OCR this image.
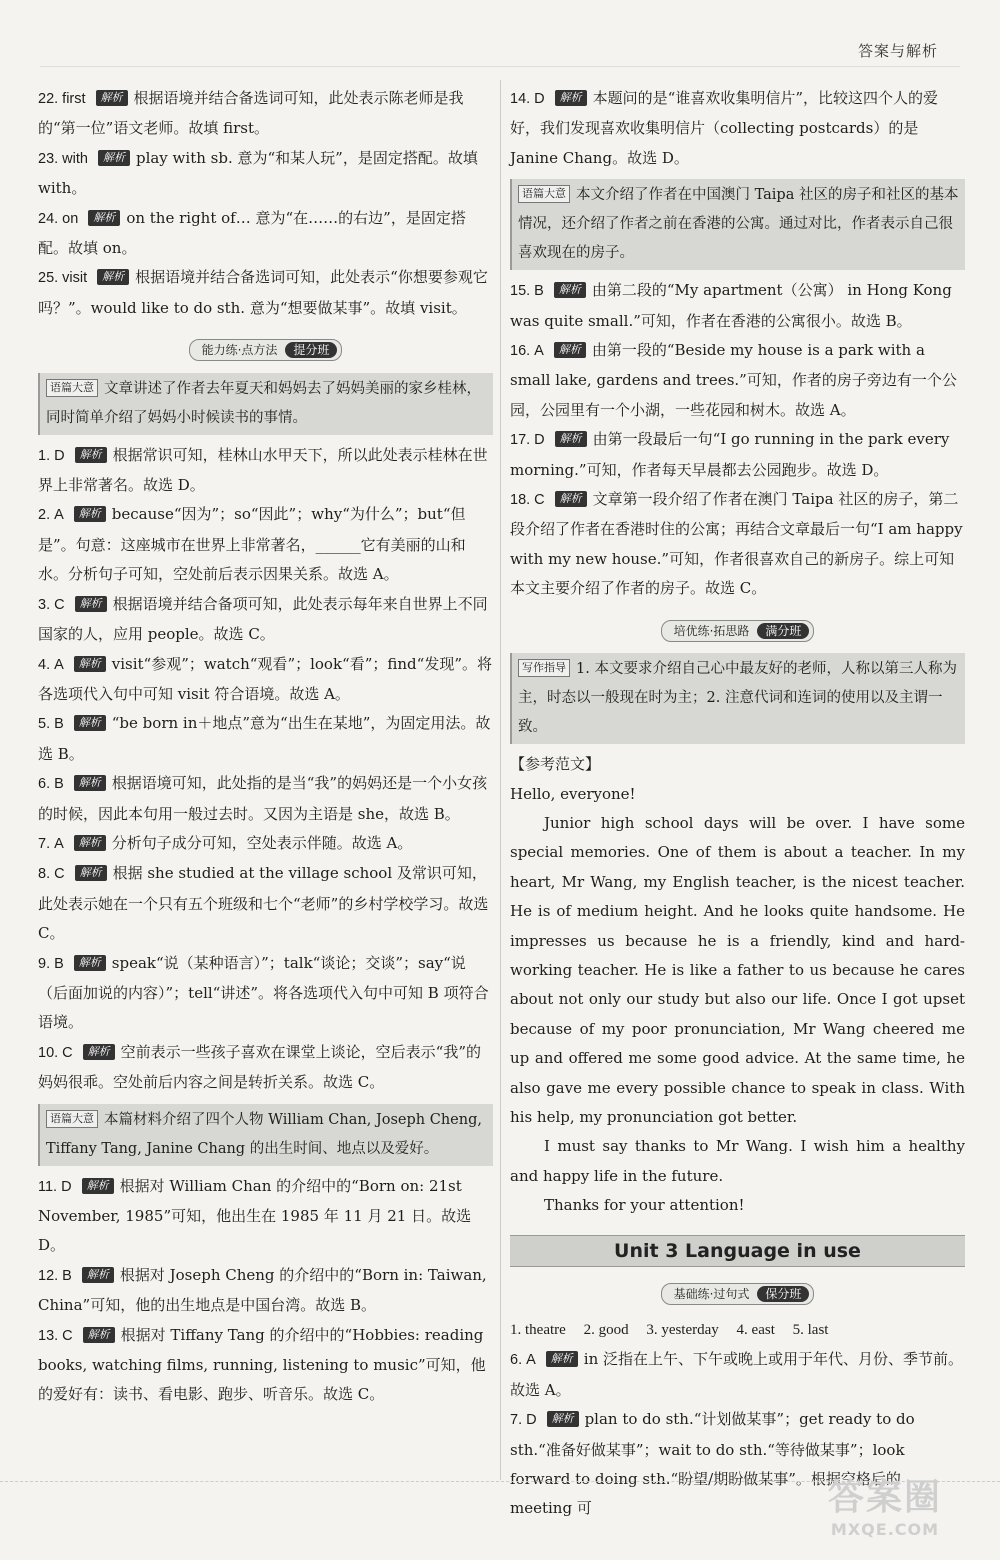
答案与解析

22. first 解析 根据语境并结合备选词可知，此处表示陈老师是我的“第一位”语文老师。故填 first。

23. with 解析 play with sb. 意为“和某人玩”，是固定搭配。故填 with。

24. on 解析 on the right of… 意为“在……的右边”，是固定搭配。故填 on。

25. visit 解析 根据语境并结合备选词可知，此处表示“你想要参观它吗？”。would like to do sth. 意为“想要做某事”。故填 visit。

能力练·点方法 提分班
语篇大意 文章讲述了作者去年夏天和妈妈去了妈妈美丽的家乡桂林，同时简单介绍了妈妈小时候读书的事情。

1. D 解析 根据常识可知，桂林山水甲天下，所以此处表示桂林在世界上非常著名。故选 D。

2. A 解析 because“因为”；so“因此”；why“为什么”；but“但是”。句意：这座城市在世界上非常著名，______它有美丽的山和水。分析句子可知，空处前后表示因果关系。故选 A。

3. C 解析 根据语境并结合备项可知，此处表示每年来自世界上不同国家的人，应用 people。故选 C。

4. A 解析 visit“参观”；watch“观看”；look“看”；find“发现”。将各选项代入句中可知 visit 符合语境。故选 A。

5. B 解析 “be born in＋地点”意为“出生在某地”，为固定用法。故选 B。

6. B 解析 根据语境可知，此处指的是当“我”的妈妈还是一个小女孩的时候，因此本句用一般过去时。又因为主语是 she，故选 B。

7. A 解析 分析句子成分可知，空处表示伴随。故选 A。

8. C 解析 根据 she studied at the village school 及常识可知，此处表示她在一个只有五个班级和七个“老师”的乡村学校学习。故选 C。

9. B 解析 speak“说（某种语言）”；talk“谈论；交谈”；say“说（后面加说的内容）”；tell“讲述”。将各选项代入句中可知 B 项符合语境。

10. C 解析 空前表示一些孩子喜欢在课堂上谈论，空后表示“我”的妈妈很乖。空处前后内容之间是转折关系。故选 C。

语篇大意 本篇材料介绍了四个人物 William Chan, Joseph Cheng, Tiffany Tang, Janine Chang 的出生时间、地点以及爱好。

11. D 解析 根据对 William Chan 的介绍中的“Born on: 21st November, 1985”可知，他出生在 1985 年 11 月 21 日。故选 D。

12. B 解析 根据对 Joseph Cheng 的介绍中的“Born in: Taiwan, China”可知，他的出生地点是中国台湾。故选 B。

13. C 解析 根据对 Tiffany Tang 的介绍中的“Hobbies: reading books, watching films, running, listening to music”可知，他的爱好有：读书、看电影、跑步、听音乐。故选 C。

14. D 解析 本题问的是“谁喜欢收集明信片”，比较这四个人的爱好，我们发现喜欢收集明信片（collecting postcards）的是 Janine Chang。故选 D。

语篇大意 本文介绍了作者在中国澳门 Taipa 社区的房子和社区的基本情况，还介绍了作者之前在香港的公寓。通过对比，作者表示自己很喜欢现在的房子。

15. B 解析 由第二段的“My apartment（公寓） in Hong Kong was quite small.”可知，作者在香港的公寓很小。故选 B。

16. A 解析 由第一段的“Beside my house is a park with a small lake, gardens and trees.”可知，作者的房子旁边有一个公园，公园里有一个小湖，一些花园和树木。故选 A。

17. D 解析 由第一段最后一句“I go running in the park every morning.”可知，作者每天早晨都去公园跑步。故选 D。

18. C 解析 文章第一段介绍了作者在澳门 Taipa 社区的房子，第二段介绍了作者在香港时住的公寓；再结合文章最后一句“I am happy with my new house.”可知，作者很喜欢自己的新房子。综上可知本文主要介绍了作者的房子。故选 C。

培优练·拓思路 满分班
写作指导 1. 本文要求介绍自己心中最友好的老师，人称以第三人称为主，时态以一般现在时为主；2. 注意代词和连词的使用以及主谓一致。

【参考范文】

Hello, everyone!

Junior high school days will be over. I have some special memories. One of them is about a teacher. In my heart, Mr Wang, my English teacher, is the nicest teacher. He is of medium height. And he looks quite handsome. He impresses us because he is a friendly, kind and hard-working teacher. He is like a father to us because he cares about not only our study but also our life. Once I got upset because of my poor pronunciation, Mr Wang cheered me up and offered me some good advice. At the same time, he also gave me every possible chance to speak in class. With his help, my pronunciation got better.

I must say thanks to Mr Wang. I wish him a healthy and happy life in the future.

Thanks for your attention!

Unit 3 Language in use
基础练·过句式 保分班
1. theatre 2. good 3. yesterday 4. east 5. last

6. A 解析 in 泛指在上午、下午或晚上或用于年代、月份、季节前。故选 A。

7. D 解析 plan to do sth.“计划做某事”；get ready to do sth.“准备好做某事”；wait to do sth.“等待做某事”；look forward to doing sth.“盼望/期盼做某事”。根据空格后的 meeting 可	答案圈
MXQE.COM
